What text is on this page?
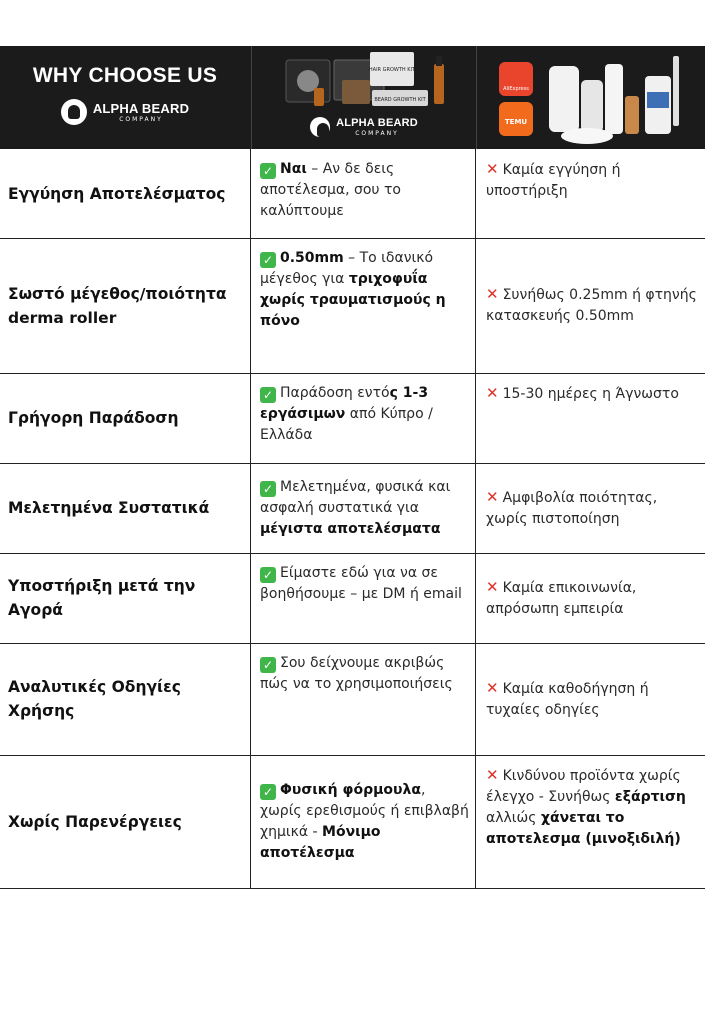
WHY CHOOSE US
ALPHA BEARD
COMPANY
HAIR GROWTH KIT
BEARD GROWTH KIT
ALPHA BEARD
COMPANY
AliExpress
TEMU
Εγγύηση Αποτελέσματος
✓ Ναι – Αν δε δεις αποτέλεσμα, σου το καλύπτουμε
✕ Καμία εγγύηση ή υποστήριξη
Σωστό μέγεθος/ποιότητα derma roller
✓ 0.50mm – Το ιδανικό μέγεθος για τριχοφυΐα χωρίς τραυματισμούς η πόνο
✕ Συνήθως 0.25mm ή φτηνής κατασκευής 0.50mm
Γρήγορη Παράδοση
✓ Παράδοση εντός 1-3 εργάσιμων από Κύπρο / Ελλάδα
✕ 15-30 ημέρες η Άγνωστο
Μελετημένα Συστατικά
✓ Μελετημένα, φυσικά και ασφαλή συστατικά για μέγιστα αποτελέσματα
✕ Αμφιβολία ποιότητας, χωρίς πιστοποίηση
Υποστήριξη μετά την Αγορά
✓ Είμαστε εδώ για να σε βοηθήσουμε – με DM ή email	✕ Καμία επικοινωνία, απρόσωπη εμπειρία
Αναλυτικές Οδηγίες Χρήσης
✓ Σου δείχνουμε ακριβώς πώς να το χρησιμοποιήσεις	✕ Καμία καθοδήγηση ή τυχαίες οδηγίες
Χωρίς Παρενέργειες
✓ Φυσική φόρμουλα, χωρίς ερεθισμούς ή επιβλαβή χημικά - Μόνιμο αποτέλεσμα
✕ Κινδύνου προϊόντα χωρίς έλεγχο - Συνήθως εξάρτιση αλλιώς χάνεται το αποτελεσμα (μινοξιδιλή)
